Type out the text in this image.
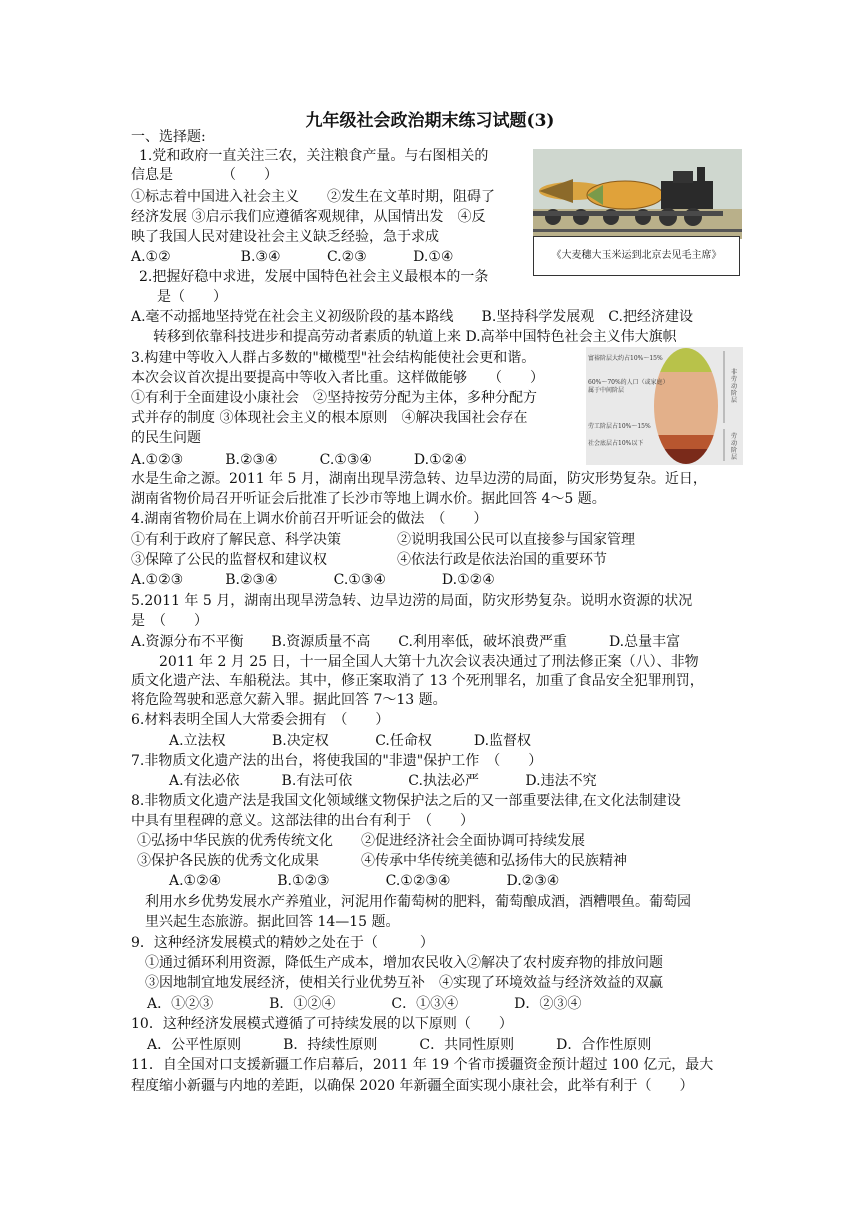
九年级社会政治期末练习试题(3)
《大麦穗大玉米运到北京去见毛主席》
富裕阶层大约占10%～15%
60%～70%的人口（或家庭）
属于中间阶层
劳工阶层占10%～15%
社会底层占10%以下
非劳动阶层
劳动阶层
一、选择题:
1.党和政府一直关注三农，关注粮食产量。与右图相关的
信息是　　　　（　　）
①标志着中国进入社会主义　　②发生在文革时期，阻碍了
经济发展 ③启示我们应遵循客观规律，从国情出发　④反
映了我国人民对建设社会主义缺乏经验，急于求成
A.①②　　　　　B.③④　　　 C.②③　　　 D.①④
2.把握好稳中求进，发展中国特色社会主义最根本的一条
是（　　）
A.毫不动摇地坚持党在社会主义初级阶段的基本路线　　B.坚持科学发展观　C.把经济建设
转移到依靠科技进步和提高劳动者素质的轨道上来 D.高举中国特色社会主义伟大旗帜
3.构建中等收入人群占多数的"橄榄型"社会结构能使社会更和谐。
本次会议首次提出要提高中等收入者比重。这样做能够　　（　　）
①有利于全面建设小康社会　②坚持按劳分配为主体，多种分配方
式并存的制度 ③体现社会主义的根本原则　④解决我国社会存在
的民生问题
A.①②③　　　B.②③④　　　C.①③④　　　D.①②④
水是生命之源。2011 年 5 月，湖南出现旱涝急转、边旱边涝的局面，防灾形势复杂。近日，
湖南省物价局召开听证会后批准了长沙市等地上调水价。据此回答 4～5 题。
4.湖南省物价局在上调水价前召开听证会的做法　（　　）
①有利于政府了解民意、科学决策　　　　②说明我国公民可以直接参与国家管理
③保障了公民的监督权和建议权　　　　　④依法行政是依法治国的重要环节
A.①②③　　　B.②③④　　　　C.①③④　　　　D.①②④
5.2011 年 5 月，湖南出现旱涝急转、边旱边涝的局面，防灾形势复杂。说明水资源的状况
是　（　　）
A.资源分布不平衡　　B.资源质量不高　　C.利用率低，破坏浪费严重　　　D.总量丰富
2011 年 2 月 25 日，十一届全国人大第十九次会议表决通过了刑法修正案（八）、非物
质文化遗产法、车船税法。其中，修正案取消了 13 个死刑罪名，加重了食品安全犯罪刑罚，
将危险驾驶和恶意欠薪入罪。据此回答 7～13 题。
6.材料表明全国人大常委会拥有　（　　）
A.立法权　　　 B.决定权　　　 C.任命权　　　D.监督权
7.非物质文化遗产法的出台，将使我国的"非遗"保护工作　（　　）
A.有法必依　　　B.有法可依　　　　C.执法必严　　　 D.违法不究
8.非物质文化遗产法是我国文化领域继文物保护法之后的又一部重要法律,在文化法制建设
中具有里程碑的意义。这部法律的出台有利于　（　　）
①弘扬中华民族的优秀传统文化　　②促进经济社会全面协调可持续发展
③保护各民族的优秀文化成果　　　④传承中华传统美德和弘扬伟大的民族精神
A.①②④　　　　B.①②③　　　　C.①②③④　　　　D.②③④
利用水乡优势发展水产养殖业，河泥用作葡萄树的肥料，葡萄酿成酒，酒糟喂鱼。葡萄园
里兴起生态旅游。据此回答 14—15 题。
9．这种经济发展模式的精妙之处在于（　　　）
①通过循环利用资源，降低生产成本，增加农民收入②解决了农村废弃物的排放问题
③因地制宜地发展经济，使相关行业优势互补　④实现了环境效益与经济效益的双赢
A．①②③　　　　B．①②④　　　　C．①③④　　　　D．②③④
10．这种经济发展模式遵循了可持续发展的以下原则（　　）
A．公平性原则　　　B．持续性原则　　　C．共同性原则　　　D．合作性原则
11．自全国对口支援新疆工作启幕后，2011 年 19 个省市援疆资金预计超过 100 亿元，最大
程度缩小新疆与内地的差距，以确保 2020 年新疆全面实现小康社会，此举有利于（　　）
